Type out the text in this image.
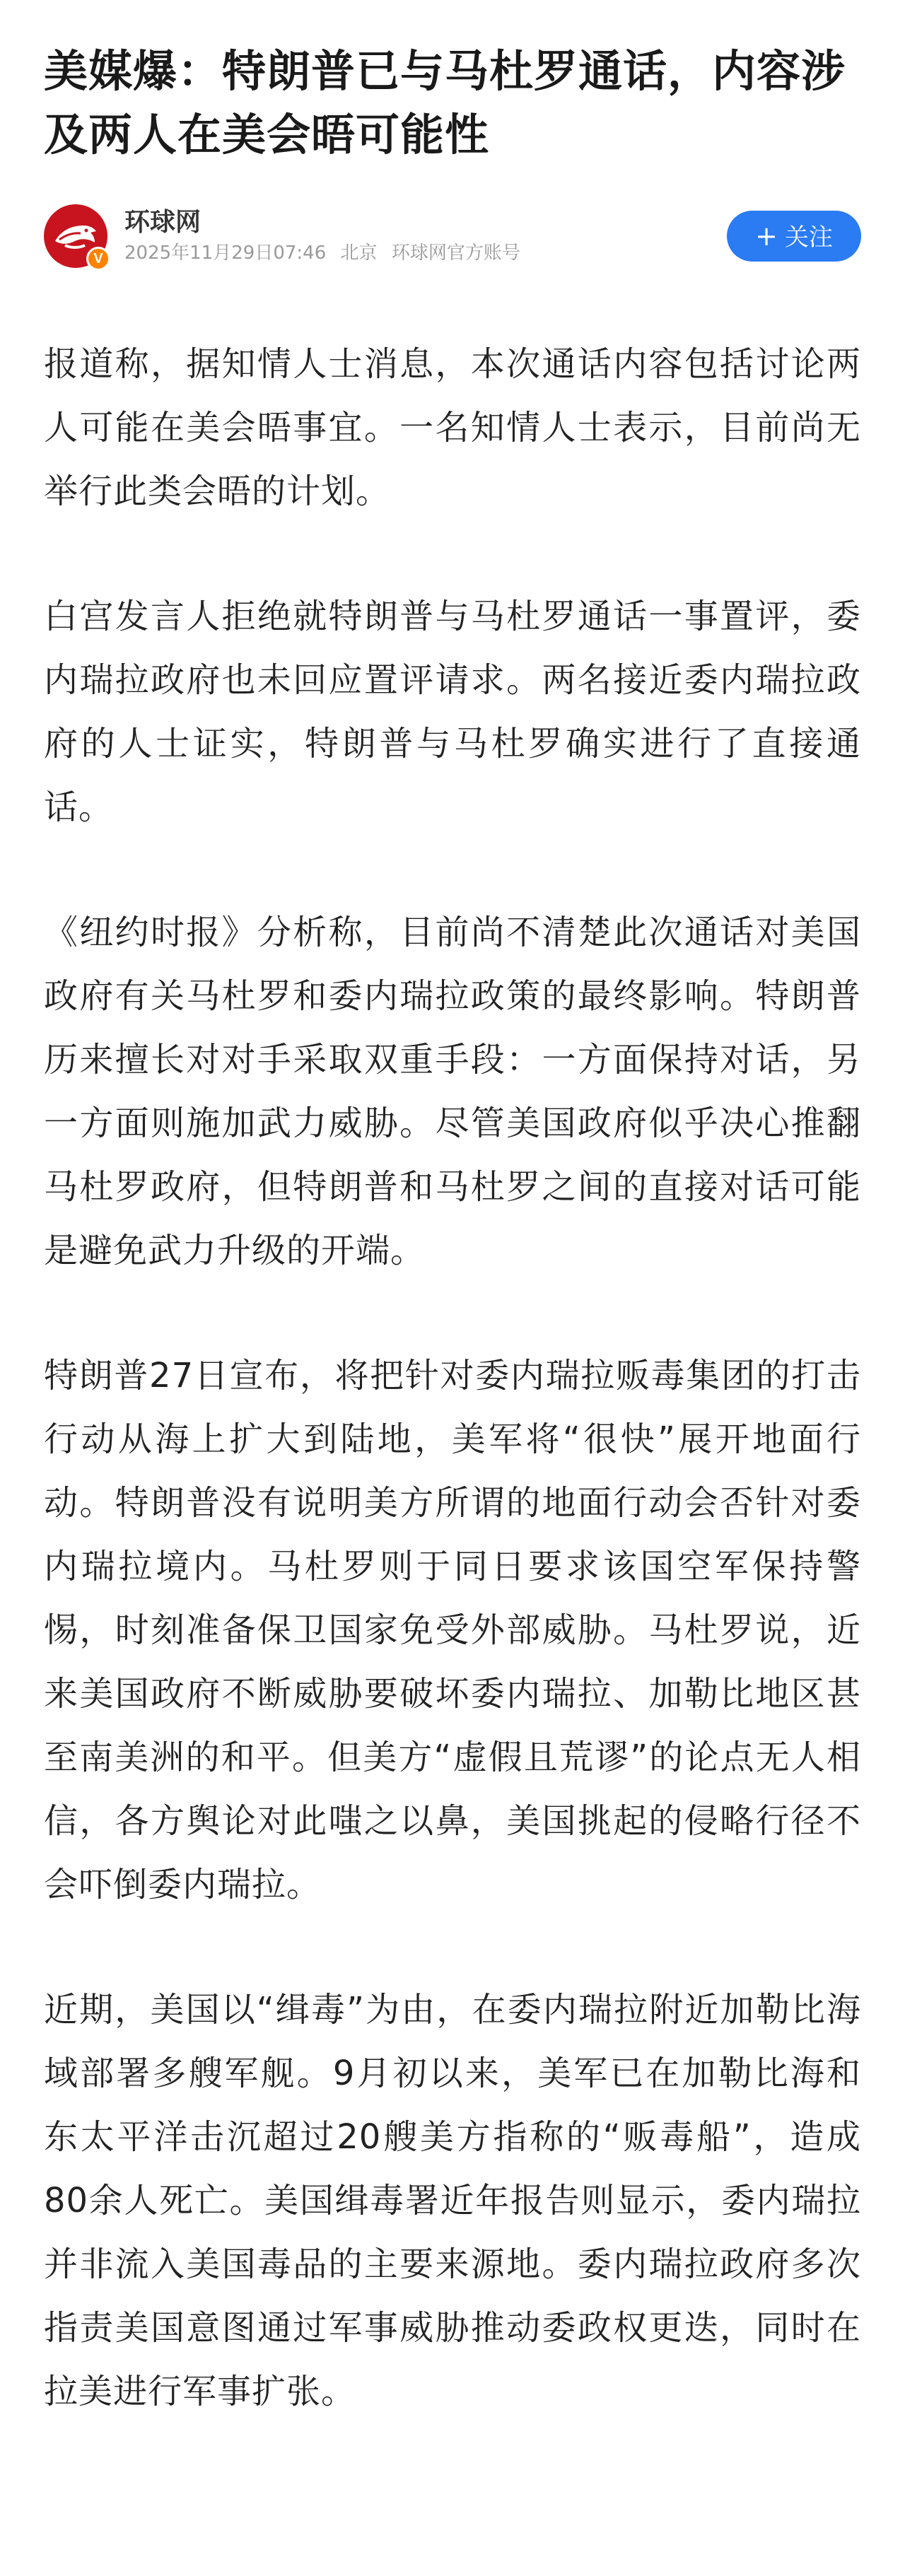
美媒爆：特朗普已与马杜罗通话，内容涉及两人在美会晤可能性
V
环球网
2025年11月29日07:46 北京 环球网官方账号
+ 关注

报道称，据知情人士消息，本次通话内容包括讨论两人可能在美会晤事宜。一名知情人士表示，目前尚无举行此类会晤的计划。

白宫发言人拒绝就特朗普与马杜罗通话一事置评，委内瑞拉政府也未回应置评请求。两名接近委内瑞拉政府的人士证实，特朗普与马杜罗确实进行了直接通话。

《纽约时报》分析称，目前尚不清楚此次通话对美国政府有关马杜罗和委内瑞拉政策的最终影响。特朗普历来擅长对对手采取双重手段：一方面保持对话，另一方面则施加武力威胁。尽管美国政府似乎决心推翻马杜罗政府，但特朗普和马杜罗之间的直接对话可能是避免武力升级的开端。

特朗普27日宣布，将把针对委内瑞拉贩毒集团的打击行动从海上扩大到陆地，美军将“很快”展开地面行动。特朗普没有说明美方所谓的地面行动会否针对委内瑞拉境内。马杜罗则于同日要求该国空军保持警惕，时刻准备保卫国家免受外部威胁。马杜罗说，近来美国政府不断威胁要破坏委内瑞拉、加勒比地区甚至南美洲的和平。但美方“虚假且荒谬”的论点无人相信，各方舆论对此嗤之以鼻，美国挑起的侵略行径不会吓倒委内瑞拉。

近期，美国以“缉毒”为由，在委内瑞拉附近加勒比海域部署多艘军舰。9月初以来，美军已在加勒比海和东太平洋击沉超过20艘美方指称的“贩毒船”，造成80余人死亡。美国缉毒署近年报告则显示，委内瑞拉并非流入美国毒品的主要来源地。委内瑞拉政府多次指责美国意图通过军事威胁推动委政权更迭，同时在拉美进行军事扩张。
